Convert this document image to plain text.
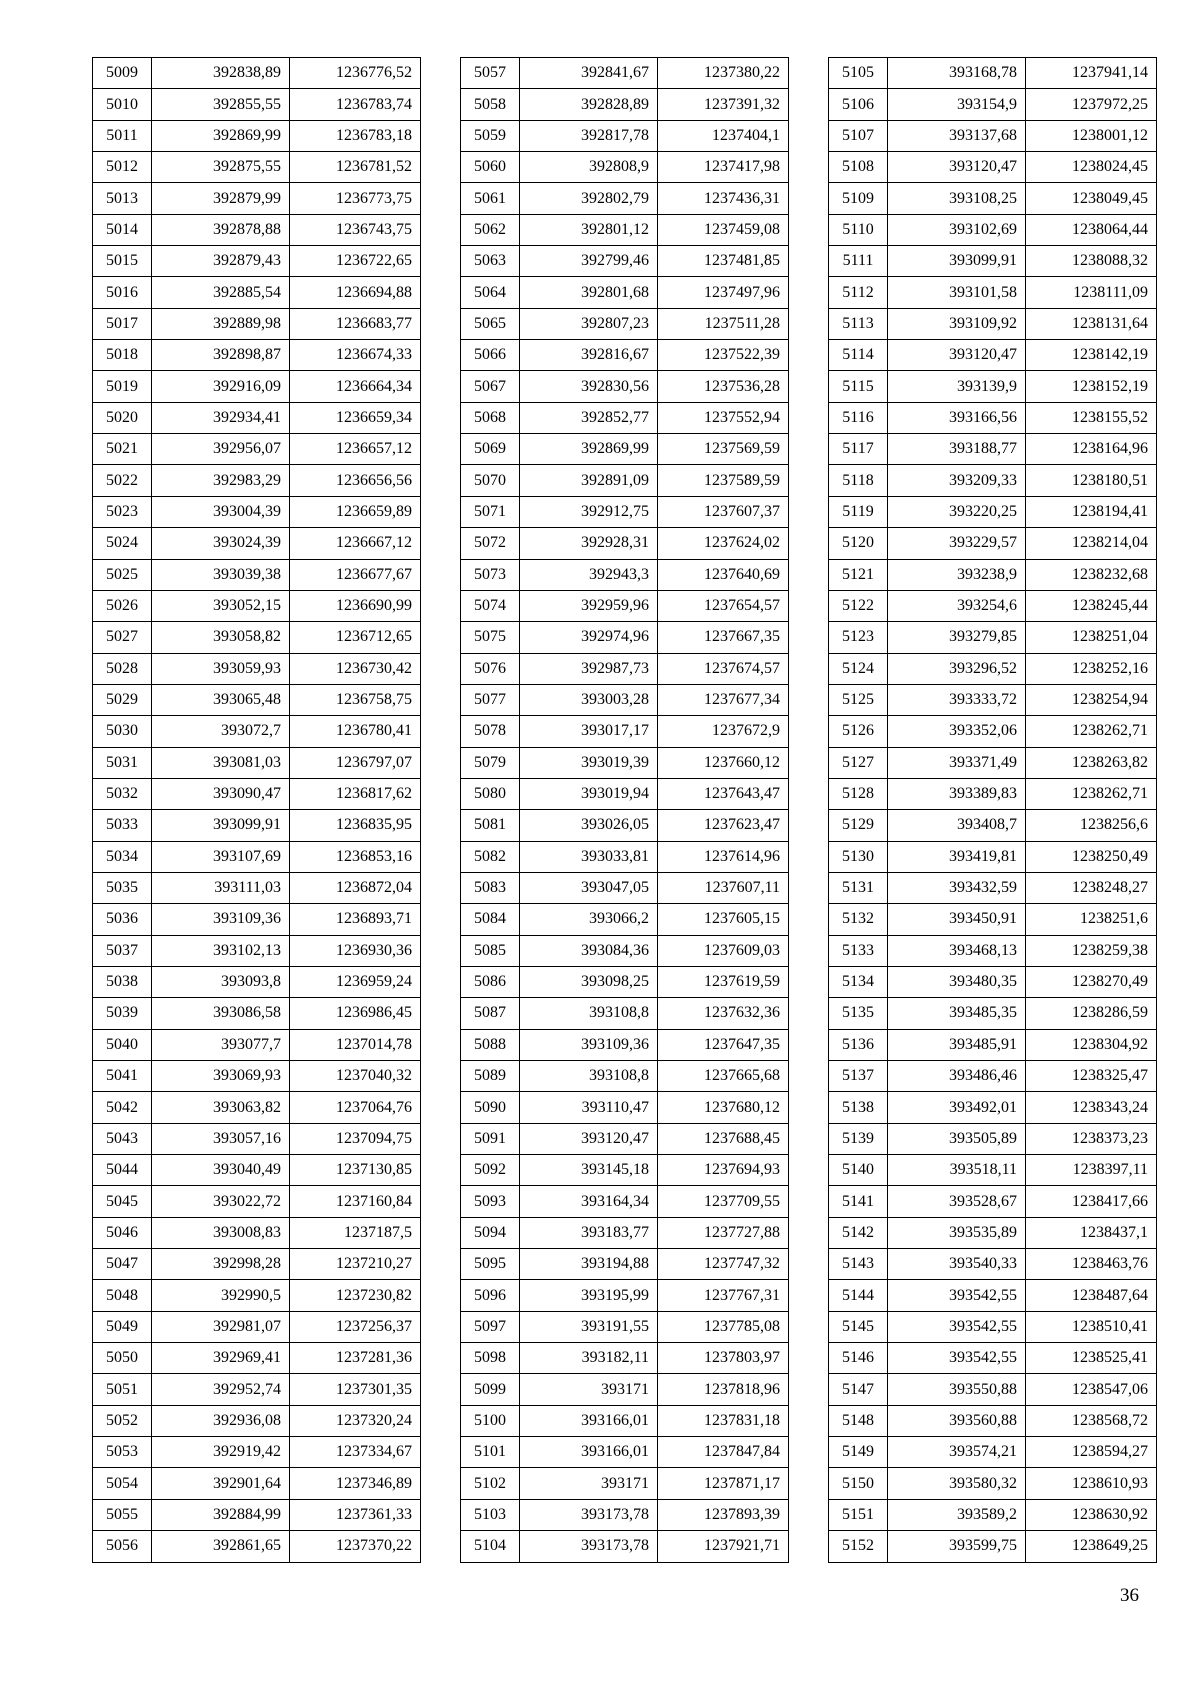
5009	392838,89	1236776,52
5010	392855,55	1236783,74
5011	392869,99	1236783,18
5012	392875,55	1236781,52
5013	392879,99	1236773,75
5014	392878,88	1236743,75
5015	392879,43	1236722,65
5016	392885,54	1236694,88
5017	392889,98	1236683,77
5018	392898,87	1236674,33
5019	392916,09	1236664,34
5020	392934,41	1236659,34
5021	392956,07	1236657,12
5022	392983,29	1236656,56
5023	393004,39	1236659,89
5024	393024,39	1236667,12
5025	393039,38	1236677,67
5026	393052,15	1236690,99
5027	393058,82	1236712,65
5028	393059,93	1236730,42
5029	393065,48	1236758,75
5030	393072,7	1236780,41
5031	393081,03	1236797,07
5032	393090,47	1236817,62
5033	393099,91	1236835,95
5034	393107,69	1236853,16
5035	393111,03	1236872,04
5036	393109,36	1236893,71
5037	393102,13	1236930,36
5038	393093,8	1236959,24
5039	393086,58	1236986,45
5040	393077,7	1237014,78
5041	393069,93	1237040,32
5042	393063,82	1237064,76
5043	393057,16	1237094,75
5044	393040,49	1237130,85
5045	393022,72	1237160,84
5046	393008,83	1237187,5
5047	392998,28	1237210,27
5048	392990,5	1237230,82
5049	392981,07	1237256,37
5050	392969,41	1237281,36
5051	392952,74	1237301,35
5052	392936,08	1237320,24
5053	392919,42	1237334,67
5054	392901,64	1237346,89
5055	392884,99	1237361,33
5056	392861,65	1237370,22
5057	392841,67	1237380,22
5058	392828,89	1237391,32
5059	392817,78	1237404,1
5060	392808,9	1237417,98
5061	392802,79	1237436,31
5062	392801,12	1237459,08
5063	392799,46	1237481,85
5064	392801,68	1237497,96
5065	392807,23	1237511,28
5066	392816,67	1237522,39
5067	392830,56	1237536,28
5068	392852,77	1237552,94
5069	392869,99	1237569,59
5070	392891,09	1237589,59
5071	392912,75	1237607,37
5072	392928,31	1237624,02
5073	392943,3	1237640,69
5074	392959,96	1237654,57
5075	392974,96	1237667,35
5076	392987,73	1237674,57
5077	393003,28	1237677,34
5078	393017,17	1237672,9
5079	393019,39	1237660,12
5080	393019,94	1237643,47
5081	393026,05	1237623,47
5082	393033,81	1237614,96
5083	393047,05	1237607,11
5084	393066,2	1237605,15
5085	393084,36	1237609,03
5086	393098,25	1237619,59
5087	393108,8	1237632,36
5088	393109,36	1237647,35
5089	393108,8	1237665,68
5090	393110,47	1237680,12
5091	393120,47	1237688,45
5092	393145,18	1237694,93
5093	393164,34	1237709,55
5094	393183,77	1237727,88
5095	393194,88	1237747,32
5096	393195,99	1237767,31
5097	393191,55	1237785,08
5098	393182,11	1237803,97
5099	393171	1237818,96
5100	393166,01	1237831,18
5101	393166,01	1237847,84
5102	393171	1237871,17
5103	393173,78	1237893,39
5104	393173,78	1237921,71
5105	393168,78	1237941,14
5106	393154,9	1237972,25
5107	393137,68	1238001,12
5108	393120,47	1238024,45
5109	393108,25	1238049,45
5110	393102,69	1238064,44
5111	393099,91	1238088,32
5112	393101,58	1238111,09
5113	393109,92	1238131,64
5114	393120,47	1238142,19
5115	393139,9	1238152,19
5116	393166,56	1238155,52
5117	393188,77	1238164,96
5118	393209,33	1238180,51
5119	393220,25	1238194,41
5120	393229,57	1238214,04
5121	393238,9	1238232,68
5122	393254,6	1238245,44
5123	393279,85	1238251,04
5124	393296,52	1238252,16
5125	393333,72	1238254,94
5126	393352,06	1238262,71
5127	393371,49	1238263,82
5128	393389,83	1238262,71
5129	393408,7	1238256,6
5130	393419,81	1238250,49
5131	393432,59	1238248,27
5132	393450,91	1238251,6
5133	393468,13	1238259,38
5134	393480,35	1238270,49
5135	393485,35	1238286,59
5136	393485,91	1238304,92
5137	393486,46	1238325,47
5138	393492,01	1238343,24
5139	393505,89	1238373,23
5140	393518,11	1238397,11
5141	393528,67	1238417,66
5142	393535,89	1238437,1
5143	393540,33	1238463,76
5144	393542,55	1238487,64
5145	393542,55	1238510,41
5146	393542,55	1238525,41
5147	393550,88	1238547,06
5148	393560,88	1238568,72
5149	393574,21	1238594,27
5150	393580,32	1238610,93
5151	393589,2	1238630,92
5152	393599,75	1238649,25
36
